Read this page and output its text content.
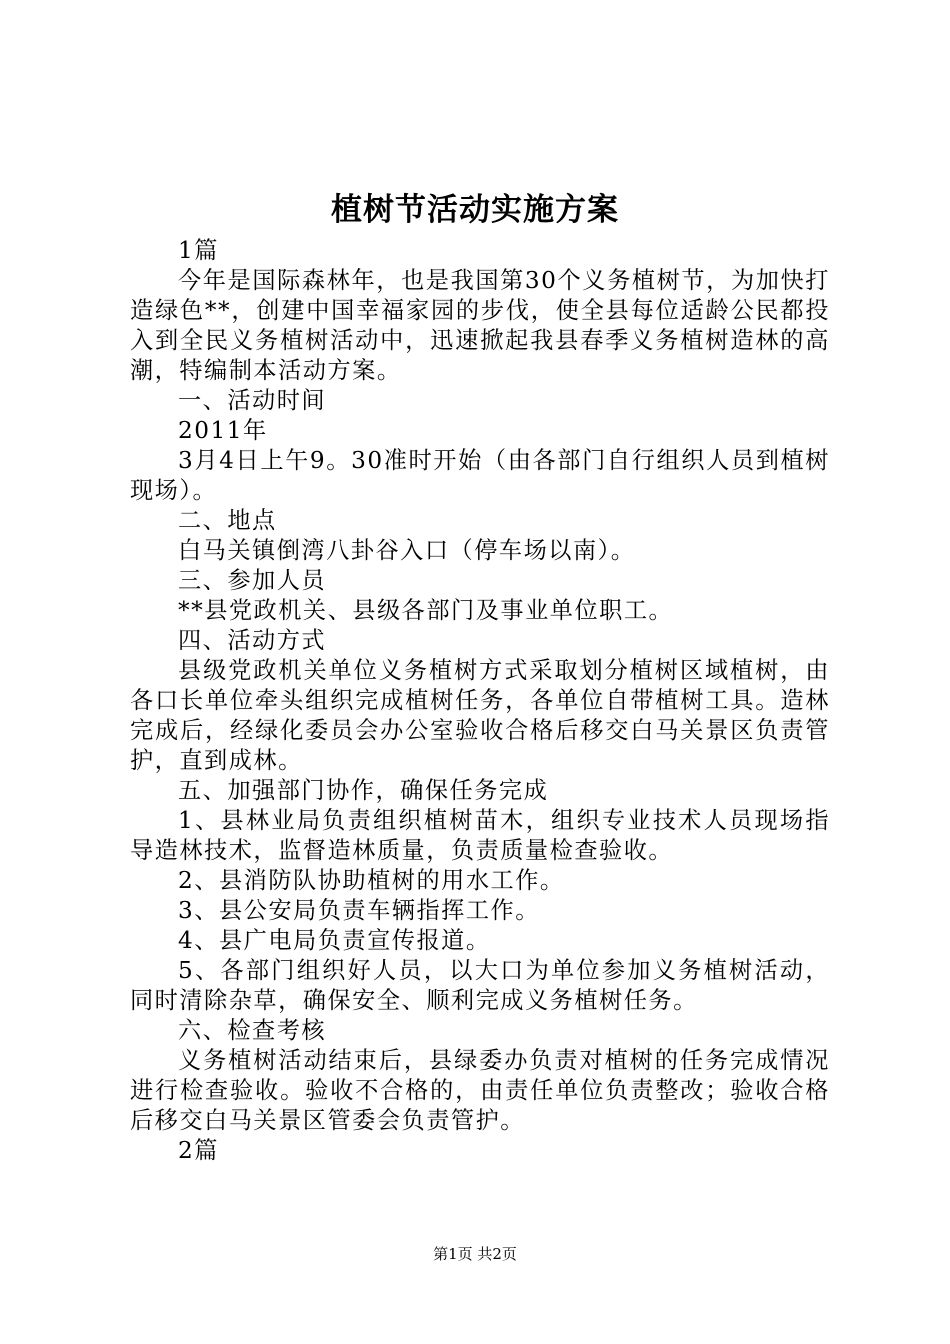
植树节活动实施方案

1篇

今年是国际森林年，也是我国第30个义务植树节，为加快打造绿色**，创建中国幸福家园的步伐，使全县每位适龄公民都投入到全民义务植树活动中，迅速掀起我县春季义务植树造林的高潮，特编制本活动方案。

一、活动时间

2011年

3月4日上午9。30准时开始（由各部门自行组织人员到植树现场）。

二、地点

白马关镇倒湾八卦谷入口（停车场以南）。

三、参加人员

**县党政机关、县级各部门及事业单位职工。

四、活动方式

县级党政机关单位义务植树方式采取划分植树区域植树，由各口长单位牵头组织完成植树任务，各单位自带植树工具。造林完成后，经绿化委员会办公室验收合格后移交白马关景区负责管护，直到成林。

五、加强部门协作，确保任务完成

1、县林业局负责组织植树苗木，组织专业技术人员现场指导造林技术，监督造林质量，负责质量检查验收。

2、县消防队协助植树的用水工作。

3、县公安局负责车辆指挥工作。

4、县广电局负责宣传报道。

5、各部门组织好人员，以大口为单位参加义务植树活动，同时清除杂草，确保安全、顺利完成义务植树任务。

六、检查考核

义务植树活动结束后，县绿委办负责对植树的任务完成情况进行检查验收。验收不合格的，由责任单位负责整改；验收合格后移交白马关景区管委会负责管护。

2篇

第1页 共2页
